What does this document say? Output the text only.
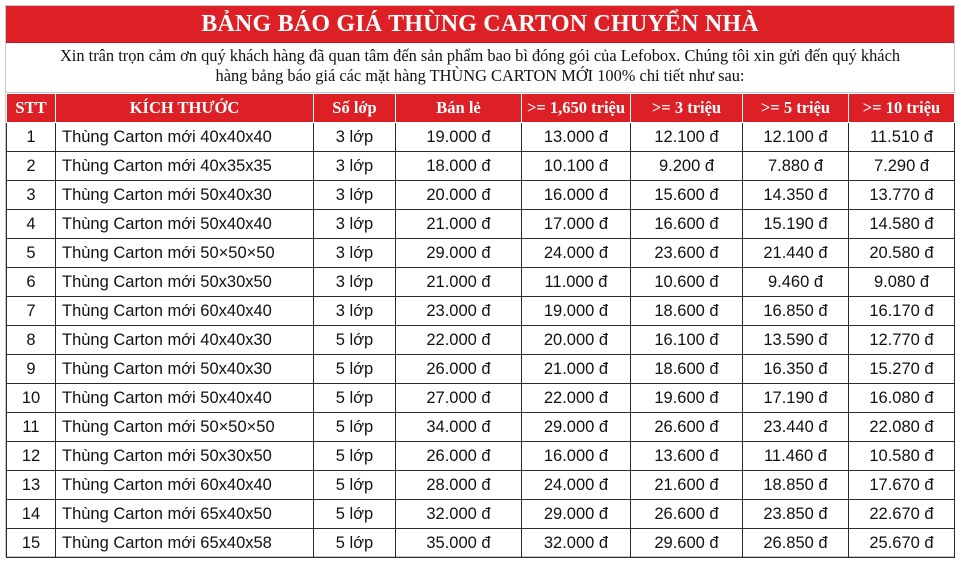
BẢNG BÁO GIÁ THÙNG CARTON CHUYỂN NHÀ
Xin trân trọn cảm ơn quý khách hàng đã quan tâm đến sản phẩm bao bì đóng gói của Lefobox. Chúng tôi xin gửi đến quý khách
hàng bảng báo giá các mặt hàng THÙNG CARTON MỚI 100% chi tiết như sau:
STT	KÍCH THƯỚC	Số lớp	Bán lẻ	>= 1,650 triệu	>= 3 triệu	>= 5 triệu	>= 10 triệu
1	Thùng Carton mới 40x40x40	3 lớp	19.000 đ	13.000 đ	12.100 đ	12.100 đ	11.510 đ
2	Thùng Carton mới 40x35x35	3 lớp	18.000 đ	10.100 đ	9.200 đ	7.880 đ	7.290 đ
3	Thùng Carton mới 50x40x30	3 lớp	20.000 đ	16.000 đ	15.600 đ	14.350 đ	13.770 đ
4	Thùng Carton mới 50x40x40	3 lớp	21.000 đ	17.000 đ	16.600 đ	15.190 đ	14.580 đ
5	Thùng Carton mới 50×50×50	3 lớp	29.000 đ	24.000 đ	23.600 đ	21.440 đ	20.580 đ
6	Thùng Carton mới 50x30x50	3 lớp	21.000 đ	11.000 đ	10.600 đ	9.460 đ	9.080 đ
7	Thùng Carton mới 60x40x40	3 lớp	23.000 đ	19.000 đ	18.600 đ	16.850 đ	16.170 đ
8	Thùng Carton mới 40x40x30	5 lớp	22.000 đ	20.000 đ	16.100 đ	13.590 đ	12.770 đ
9	Thùng Carton mới 50x40x30	5 lớp	26.000 đ	21.000 đ	18.600 đ	16.350 đ	15.270 đ
10	Thùng Carton mới 50x40x40	5 lớp	27.000 đ	22.000 đ	19.600 đ	17.190 đ	16.080 đ
11	Thùng Carton mới 50×50×50	5 lớp	34.000 đ	29.000 đ	26.600 đ	23.440 đ	22.080 đ
12	Thùng Carton mới 50x30x50	5 lớp	26.000 đ	16.000 đ	13.600 đ	11.460 đ	10.580 đ
13	Thùng Carton mới 60x40x40	5 lớp	28.000 đ	24.000 đ	21.600 đ	18.850 đ	17.670 đ
14	Thùng Carton mới 65x40x50	5 lớp	32.000 đ	29.000 đ	26.600 đ	23.850 đ	22.670 đ
15	Thùng Carton mới 65x40x58	5 lớp	35.000 đ	32.000 đ	29.600 đ	26.850 đ	25.670 đ
